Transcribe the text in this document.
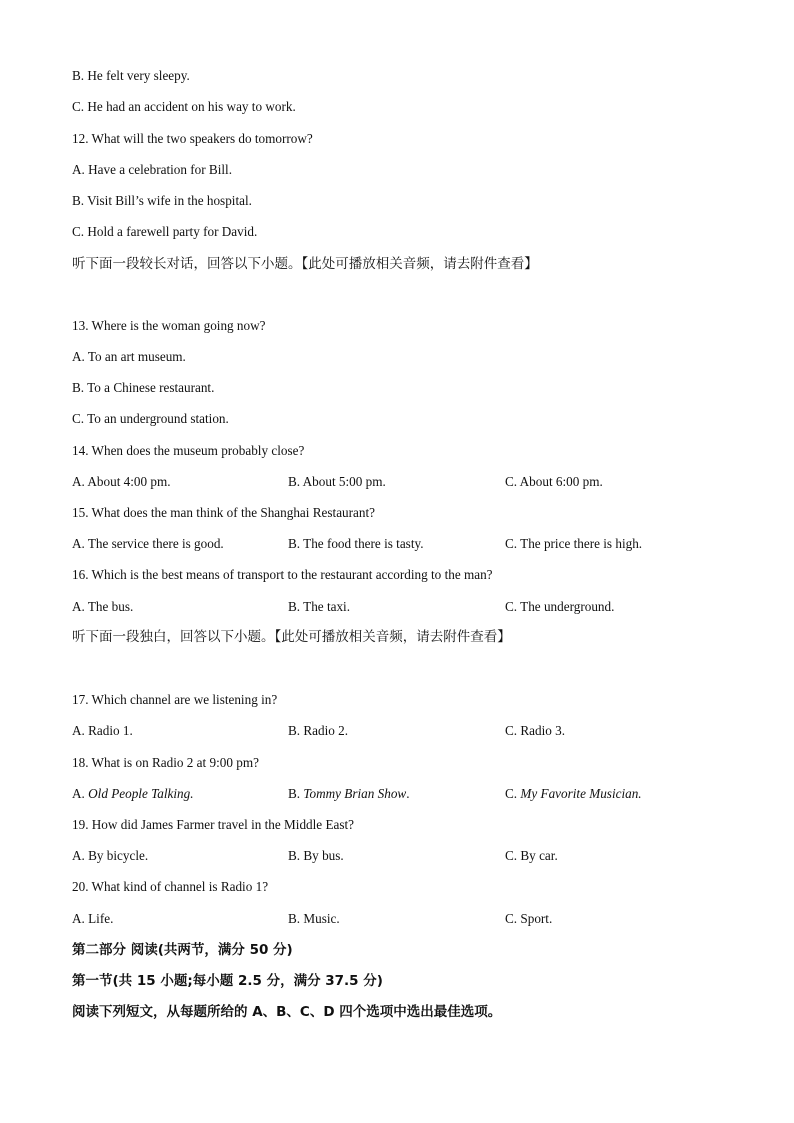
B. He felt very sleepy.
C. He had an accident on his way to work.
12. What will the two speakers do tomorrow?
A. Have a celebration for Bill.
B. Visit Bill’s wife in the hospital.
C. Hold a farewell party for David.
听下面一段较长对话，回答以下小题。【此处可播放相关音频，请去附件查看】
13. Where is the woman going now?
A. To an art museum.
B. To a Chinese restaurant.
C. To an underground station.
14. When does the museum probably close?
A. About 4:00 pm.	B. About 5:00 pm.	C. About 6:00 pm.
15. What does the man think of the Shanghai Restaurant?
A. The service there is good.	B. The food there is tasty.	C. The price there is high.
16. Which is the best means of transport to the restaurant according to the man?
A. The bus.	B. The taxi.	C. The underground.
听下面一段独白，回答以下小题。【此处可播放相关音频，请去附件查看】
17. Which channel are we listening in?
A. Radio 1.	B. Radio 2.	C. Radio 3.
18. What is on Radio 2 at 9:00 pm?
A. Old People Talking.	B. Tommy Brian Show.	C. My Favorite Musician.
19. How did James Farmer travel in the Middle East?
A. By bicycle.	B. By bus.	C. By car.
20. What kind of channel is Radio 1?
A. Life.	B. Music.	C. Sport.
第二部分 阅读(共两节，满分 50 分)
第一节(共 15 小题;每小题 2.5 分，满分 37.5 分)
阅读下列短文，从每题所给的 A、B、C、D 四个选项中选出最佳选项。
